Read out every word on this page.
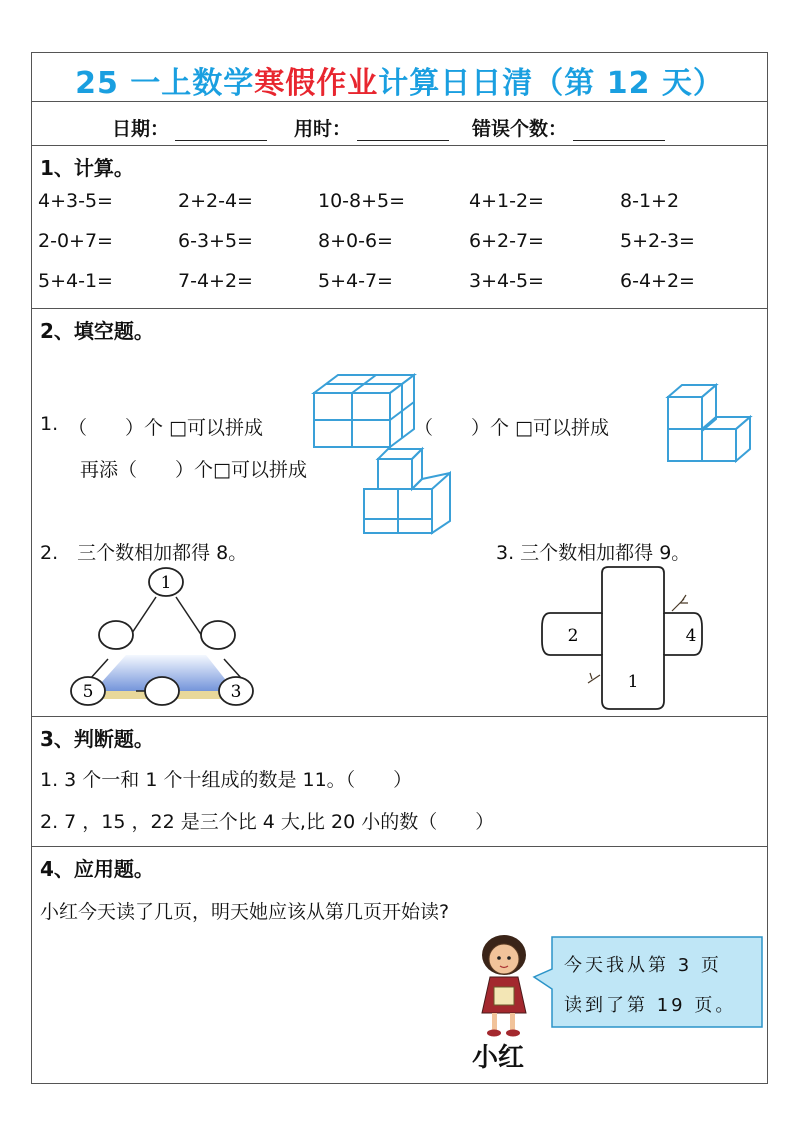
25 一上数学寒假作业计算日日清（第 12 天）
日期：	用时：	错误个数：
1、计算。
4+3-5=	2+2-4=	10-8+5=	4+1-2=	8-1+2
2-0+7=	6-3+5=	8+0-6=	6+2-7=	5+2-3=
5+4-1=	7-4+2=	5+4-7=	3+4-5=	6-4+2=
2、填空题。
1. （　　）个 □可以拼成	（　　）个 □可以拼成
再添（　　）个□可以拼成
2.　三个数相加都得 8。	3. 三个数相加都得 9。
1
5	3
2	4
1
3、判断题。
1. 3 个一和 1 个十组成的数是 11。（　　）
2. 7 ，15 ，22 是三个比 4 大,比 20 小的数（　　）
4、应用题。
小红今天读了几页，明天她应该从第几页开始读?
小红
今天我从第 3 页
读到了第 19 页。
